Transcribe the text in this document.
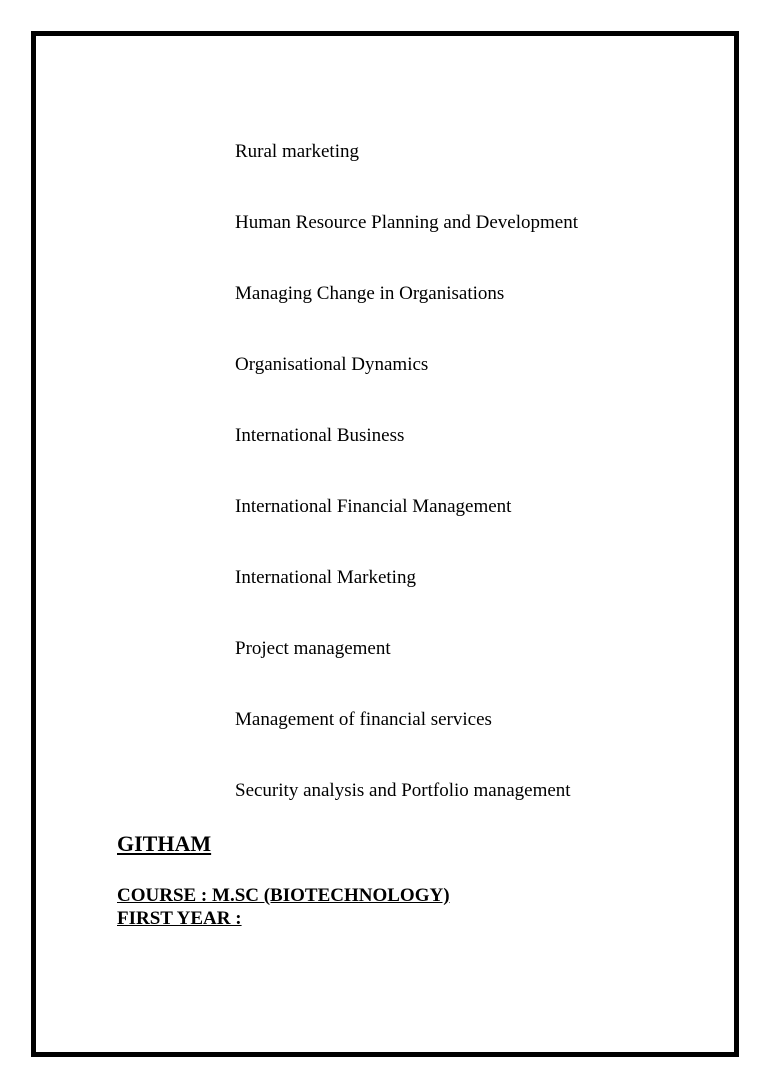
Rural marketing
Human Resource Planning and Development
Managing Change in Organisations
Organisational Dynamics
International Business
International Financial Management
International Marketing
Project management
Management of financial services
Security analysis and Portfolio management
GITHAM

COURSE : M.SC (BIOTECHNOLOGY)

FIRST YEAR :
